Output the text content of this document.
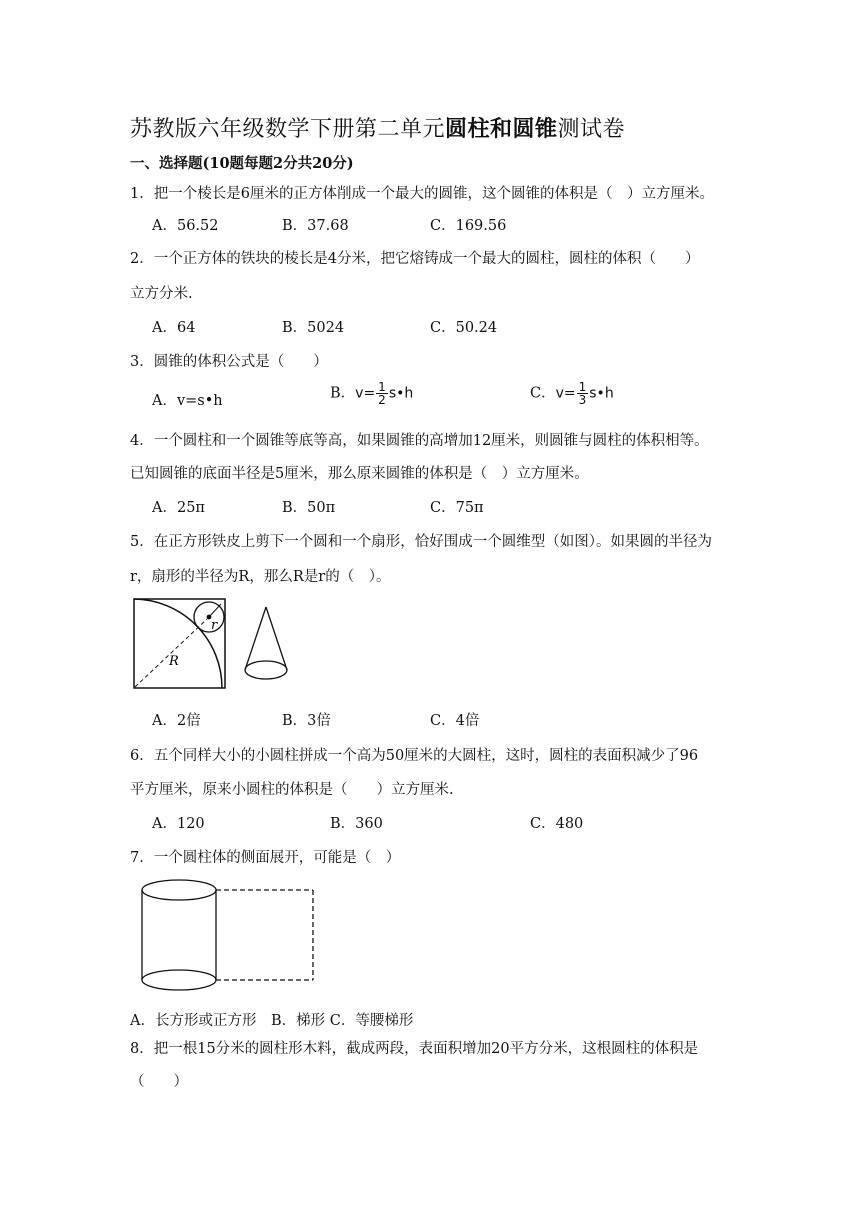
苏教版六年级数学下册第二单元圆柱和圆锥测试卷
一、选择题(10题每题2分共20分)
1．把一个棱长是6厘米的正方体削成一个最大的圆锥，这个圆锥的体积是（　）立方厘米。
A．56.52	B．37.68	C．169.56
2．一个正方体的铁块的棱长是4分米，把它熔铸成一个最大的圆柱，圆柱的体积（　　）
立方分米.
A．64	B．5024	C．50.24
3．圆锥的体积公式是（　　）
A．v=s•h	B．$v= \frac{1}{2}$ s•h	C．$v= \frac{1}{3}$ s•h
4．一个圆柱和一个圆锥等底等高，如果圆锥的高增加12厘米，则圆锥与圆柱的体积相等。
已知圆锥的底面半径是5厘米，那么原来圆锥的体积是（　）立方厘米。
A．25π	B．50π	C．75π
5．在正方形铁皮上剪下一个圆和一个扇形，恰好围成一个圆维型（如图）。如果圆的半径为
r，扇形的半径为R，那么R是r的（　）。
r
R
A．2倍	B．3倍	C．4倍
6．五个同样大小的小圆柱拼成一个高为50厘米的大圆柱，这时，圆柱的表面积减少了96
平方厘米，原来小圆柱的体积是（　　）立方厘米.
A．120	B．360	C．480
7．一个圆柱体的侧面展开，可能是（　）
A．长方形或正方形　B．梯形 C．等腰梯形
8．把一根15分米的圆柱形木料，截成两段，表面积增加20平方分米，这根圆柱的体积是
（　　）
